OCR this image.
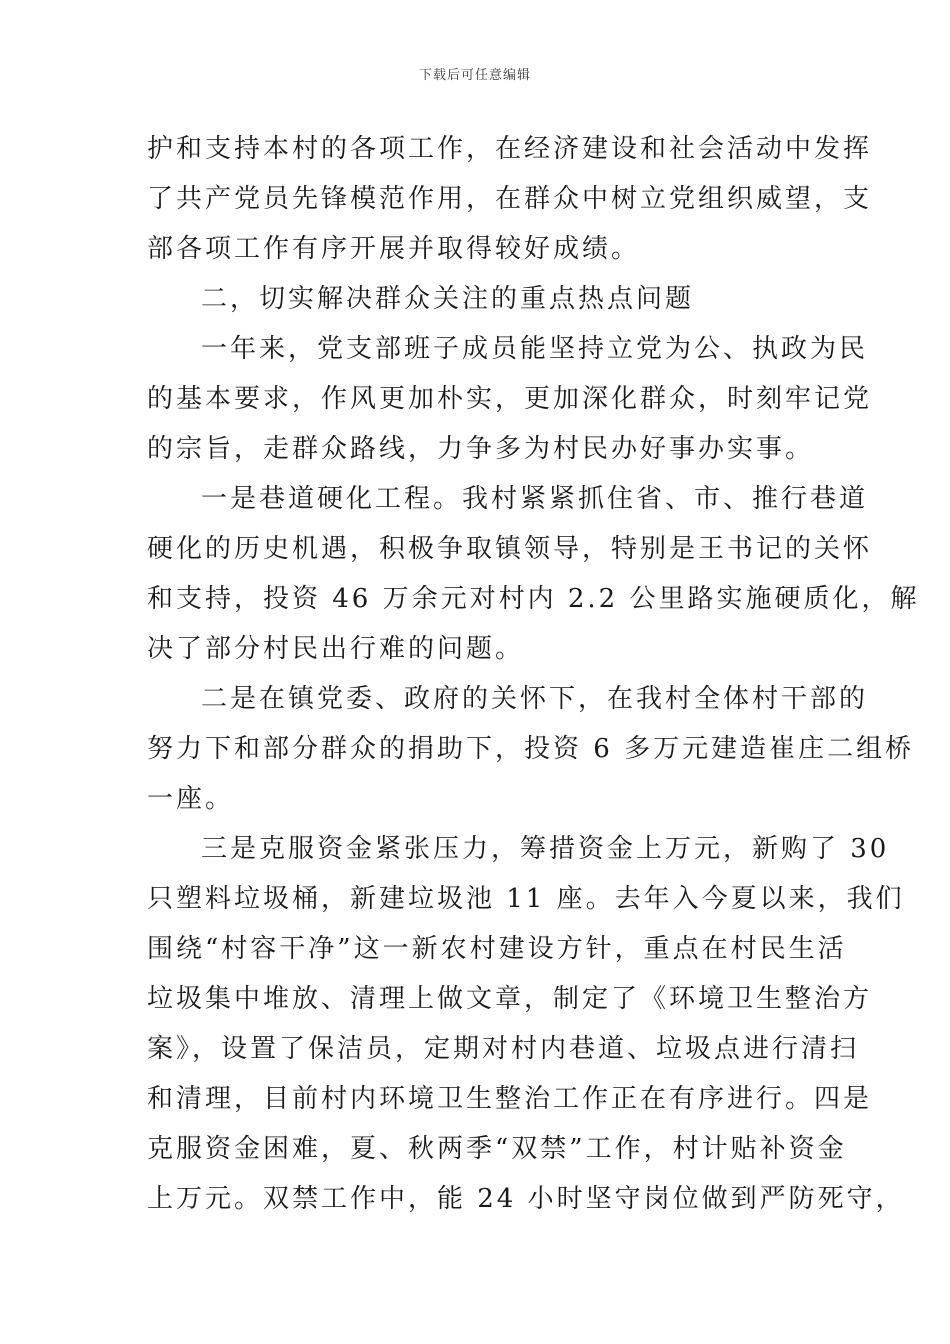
下载后可任意编辑
护和支持本村的各项工作，在经济建设和社会活动中发挥
了共产党员先锋模范作用，在群众中树立党组织威望，支
部各项工作有序开展并取得较好成绩。
二，切实解决群众关注的重点热点问题
一年来，党支部班子成员能坚持立党为公、执政为民
的基本要求，作风更加朴实，更加深化群众，时刻牢记党
的宗旨，走群众路线，力争多为村民办好事办实事。
一是巷道硬化工程。我村紧紧抓住省、市、推行巷道
硬化的历史机遇，积极争取镇领导，特别是王书记的关怀
和支持，投资 46 万余元对村内 2.2 公里路实施硬质化，解
决了部分村民出行难的问题。
二是在镇党委、政府的关怀下，在我村全体村干部的
努力下和部分群众的捐助下，投资 6 多万元建造崔庄二组桥
一座。
三是克服资金紧张压力，筹措资金上万元，新购了 30
只塑料垃圾桶，新建垃圾池 11 座。去年入今夏以来，我们
围绕“村容干净”这一新农村建设方针，重点在村民生活
垃圾集中堆放、清理上做文章，制定了《环境卫生整治方
案》，设置了保洁员，定期对村内巷道、垃圾点进行清扫
和清理，目前村内环境卫生整治工作正在有序进行。四是
克服资金困难，夏、秋两季“双禁”工作，村计贴补资金
上万元。双禁工作中，能 24 小时坚守岗位做到严防死守，
